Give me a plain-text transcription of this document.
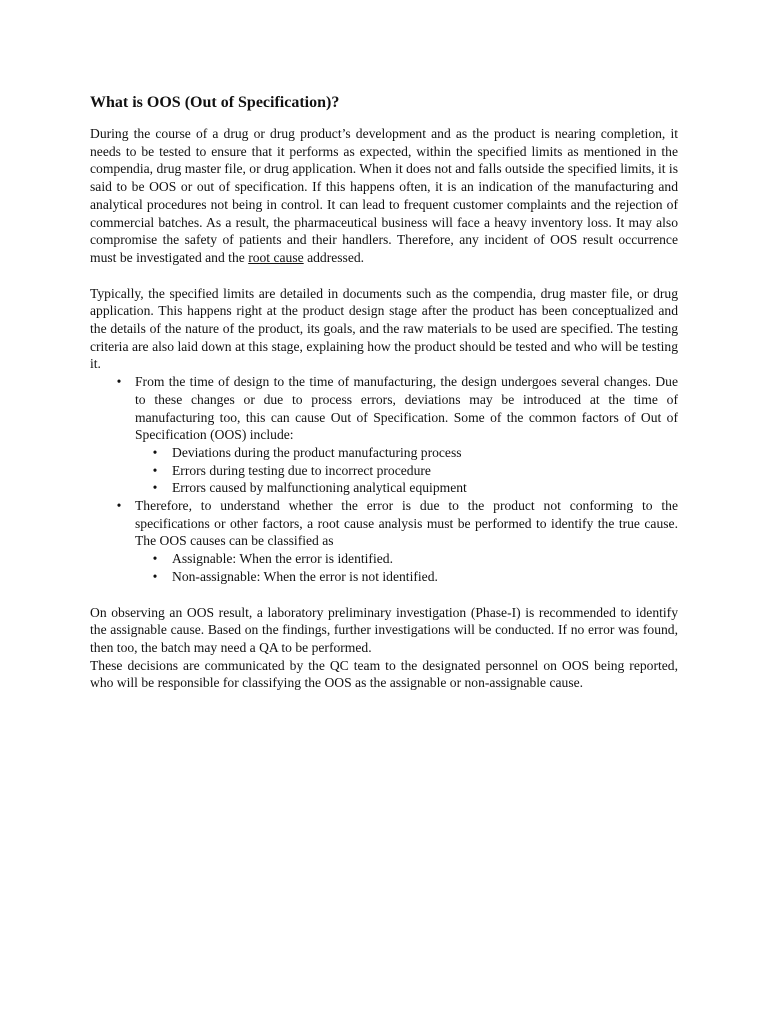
What is OOS (Out of Specification)?

During the course of a drug or drug product’s development and as the product is nearing completion, it needs to be tested to ensure that it performs as expected, within the specified limits as mentioned in the compendia, drug master file, or drug application. When it does not and falls outside the specified limits, it is said to be OOS or out of specification. If this happens often, it is an indication of the manufacturing and analytical procedures not being in control. It can lead to frequent customer complaints and the rejection of commercial batches. As a result, the pharmaceutical business will face a heavy inventory loss. It may also compromise the safety of patients and their handlers. Therefore, any incident of OOS result occurrence must be investigated and the root cause addressed.

Typically, the specified limits are detailed in documents such as the compendia, drug master file, or drug application. This happens right at the product design stage after the product has been conceptualized and the details of the nature of the product, its goals, and the raw materials to be used are specified. The testing criteria are also laid down at this stage, explaining how the product should be tested and who will be testing it.

• From the time of design to the time of manufacturing, the design undergoes several changes. Due to these changes or due to process errors, deviations may be introduced at the time of manufacturing too, this can cause Out of Specification. Some of the common factors of Out of Specification (OOS) include:
• Deviations during the product manufacturing process
• Errors during testing due to incorrect procedure
• Errors caused by malfunctioning analytical equipment
• Therefore, to understand whether the error is due to the product not conforming to the specifications or other factors, a root cause analysis must be performed to identify the true cause. The OOS causes can be classified as
• Assignable: When the error is identified.
• Non-assignable: When the error is not identified.

On observing an OOS result, a laboratory preliminary investigation (Phase-I) is recommended to identify the assignable cause. Based on the findings, further investigations will be conducted. If no error was found, then too, the batch may need a QA to be performed.

These decisions are communicated by the QC team to the designated personnel on OOS being reported, who will be responsible for classifying the OOS as the assignable or non-assignable cause.
